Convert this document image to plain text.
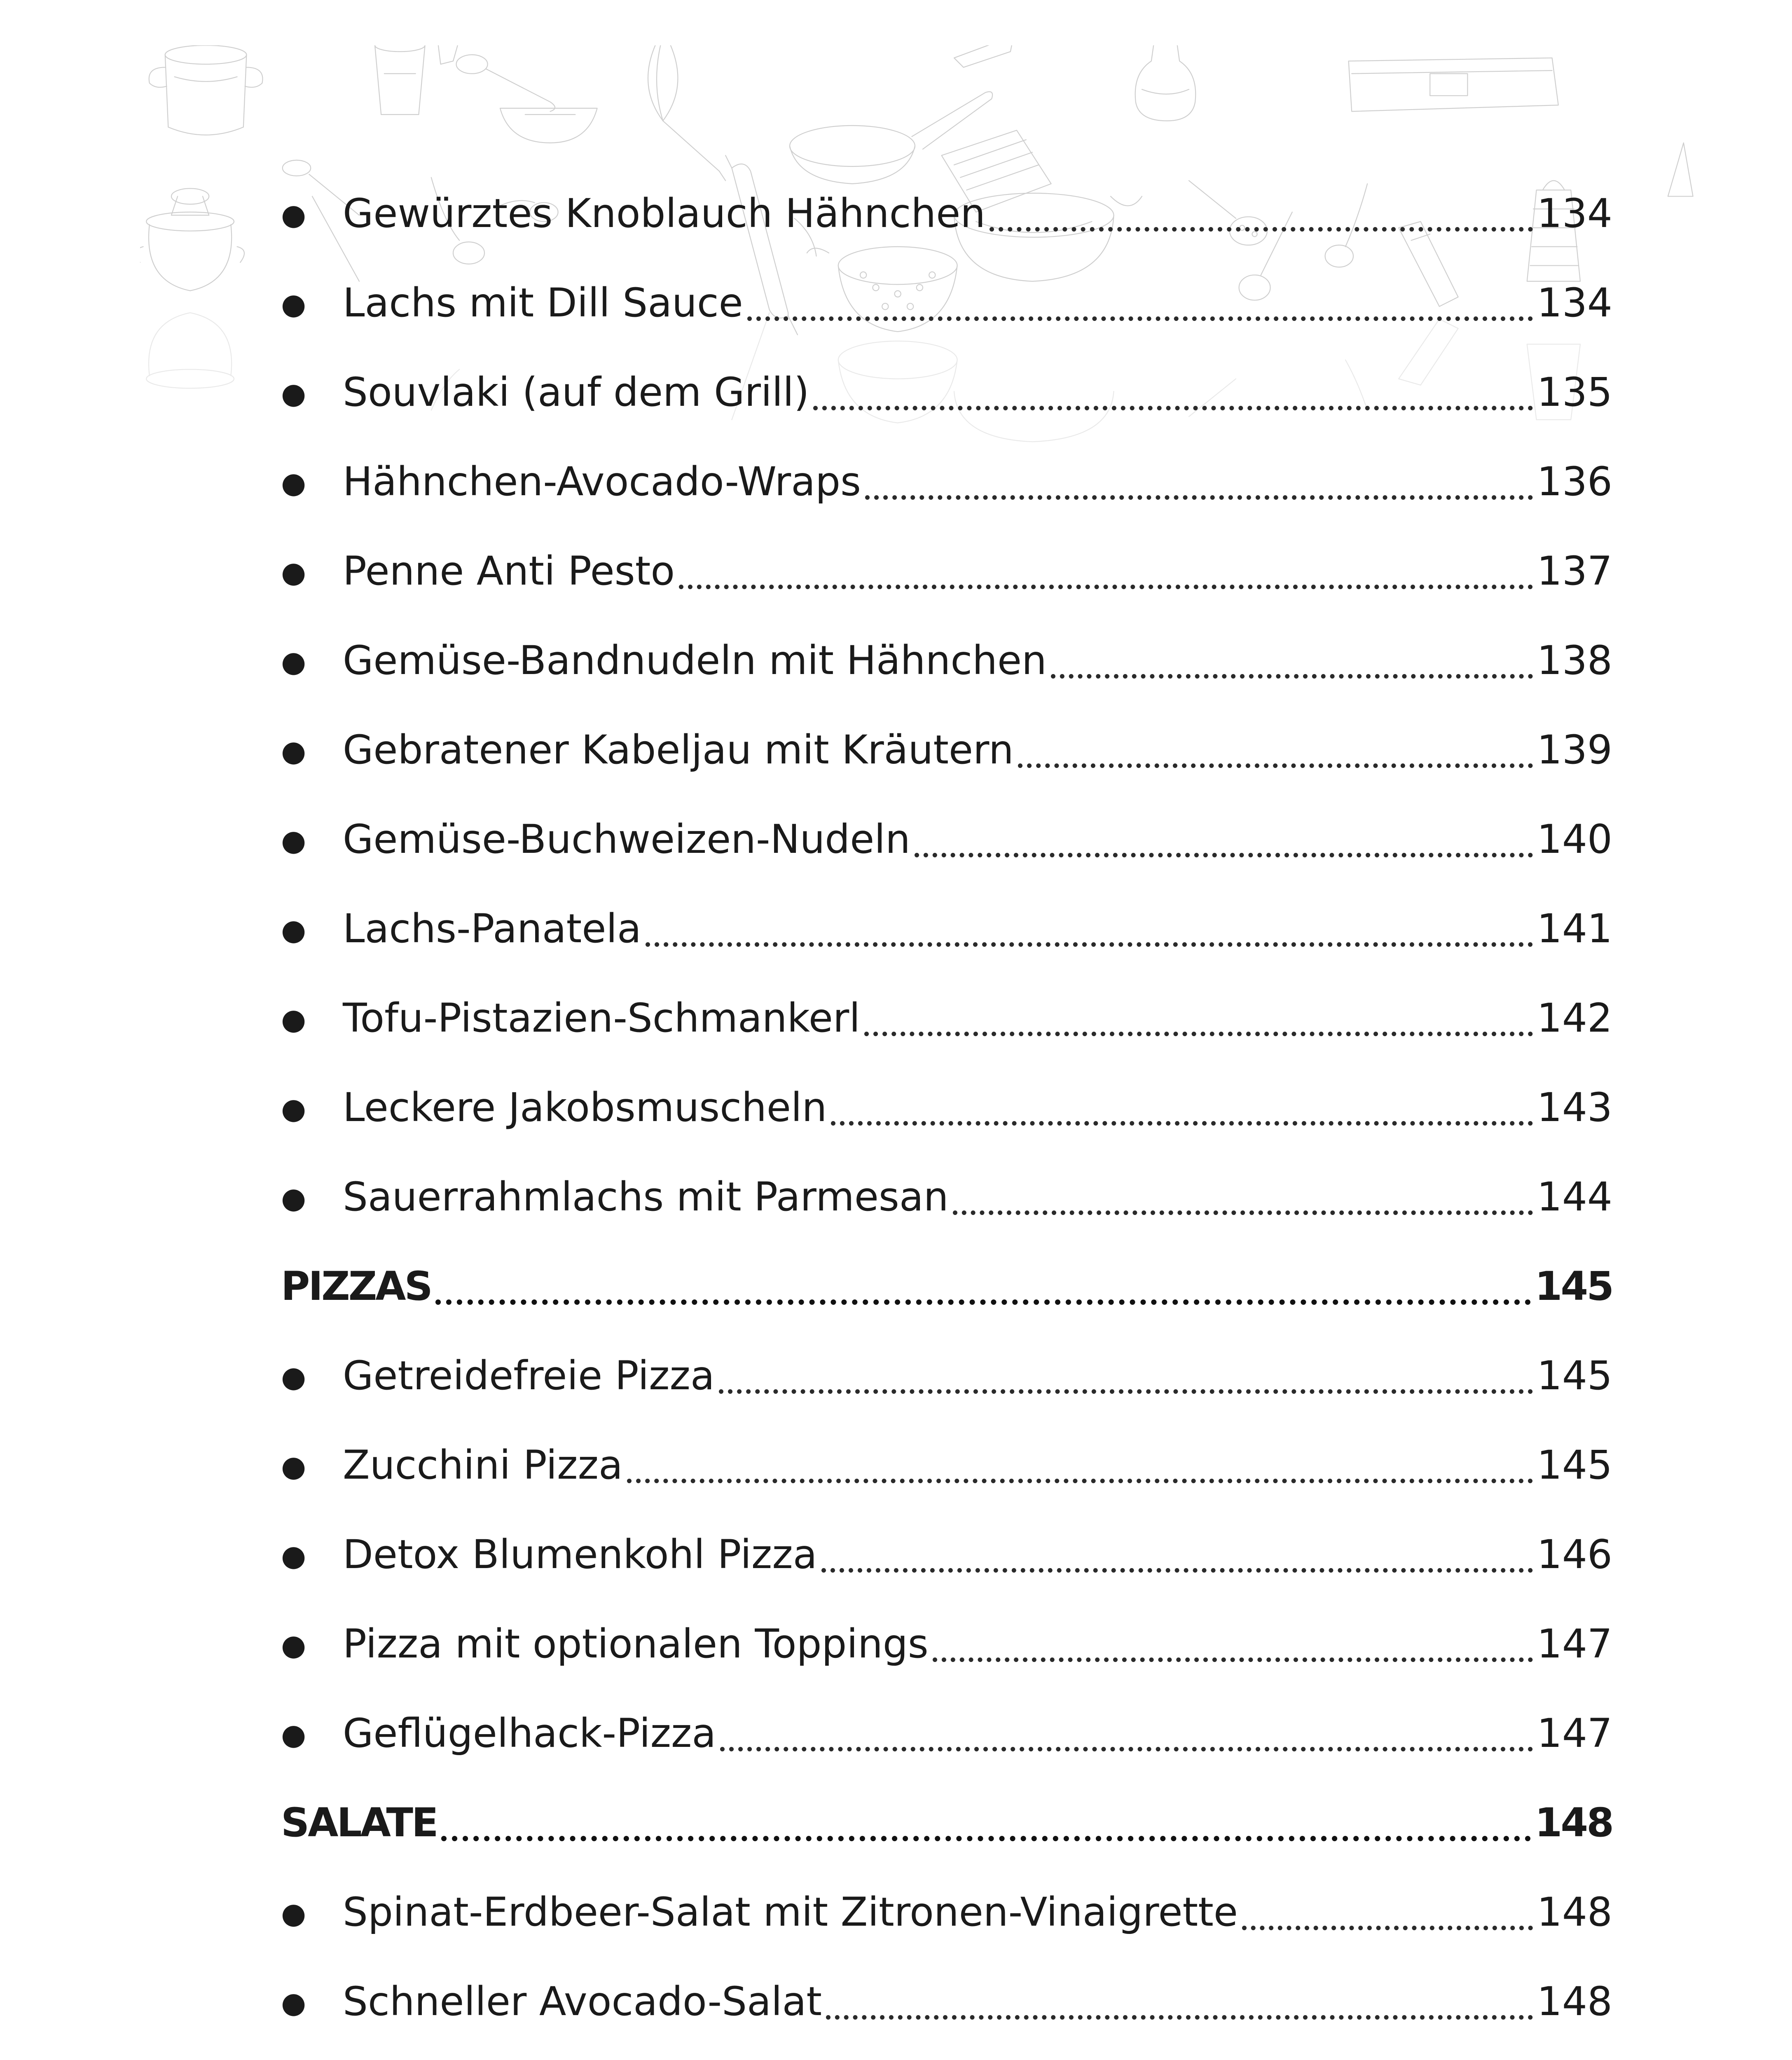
● Gewürztes Knoblauch Hähnchen	134
● Lachs mit Dill Sauce	134
● Souvlaki (auf dem Grill)	135
● Hähnchen-Avocado-Wraps	136
● Penne Anti Pesto	137
● Gemüse-Bandnudeln mit Hähnchen	138
● Gebratener Kabeljau mit Kräutern	139
● Gemüse-Buchweizen-Nudeln	140
● Lachs-Panatela	141
● Tofu-Pistazien-Schmankerl	142
● Leckere Jakobsmuscheln	143
● Sauerrahmlachs mit Parmesan	144
PIZZAS	145
● Getreidefreie Pizza	145
● Zucchini Pizza	145
● Detox Blumenkohl Pizza	146
● Pizza mit optionalen Toppings	147
● Geflügelhack-Pizza	147
SALATE	148
● Spinat-Erdbeer-Salat mit Zitronen-Vinaigrette	148
● Schneller Avocado-Salat	148
